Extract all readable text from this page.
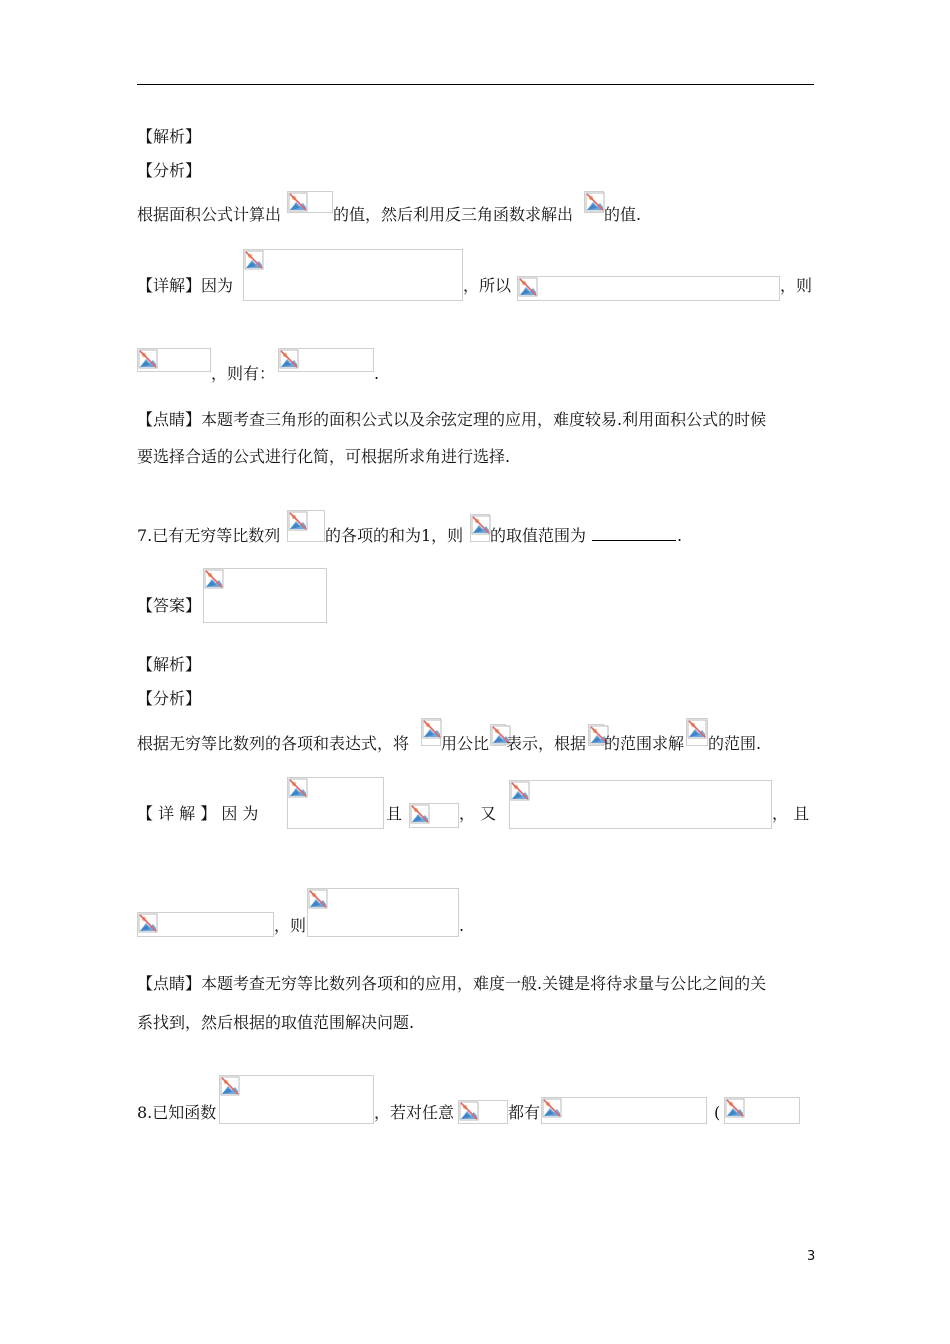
【解析】
【分析】
根据面积公式计算出	的值，然后利用反三角函数求解出 的值.
【详解】因为	，所以	，则
，则有：	.
【点睛】本题考查三角形的面积公式以及余弦定理的应用，难度较易.利用面积公式的时候
要选择合适的公式进行化简，可根据所求角进行选择.
7.已有无穷等比数列	的各项的和为1，则 的取值范围为	.
【答案】
【解析】
【分析】
根据无穷等比数列的各项和表达式，将 用公比 表示，根据 的范围求解 的范围.
【 详 解 】 因 为	且	， 又	， 且
，则	.
【点睛】本题考查无穷等比数列各项和的应用，难度一般.关键是将待求量与公比之间的关
系找到，然后根据的取值范围解决问题.
8.已知函数	，若对任意	都有	(
3
